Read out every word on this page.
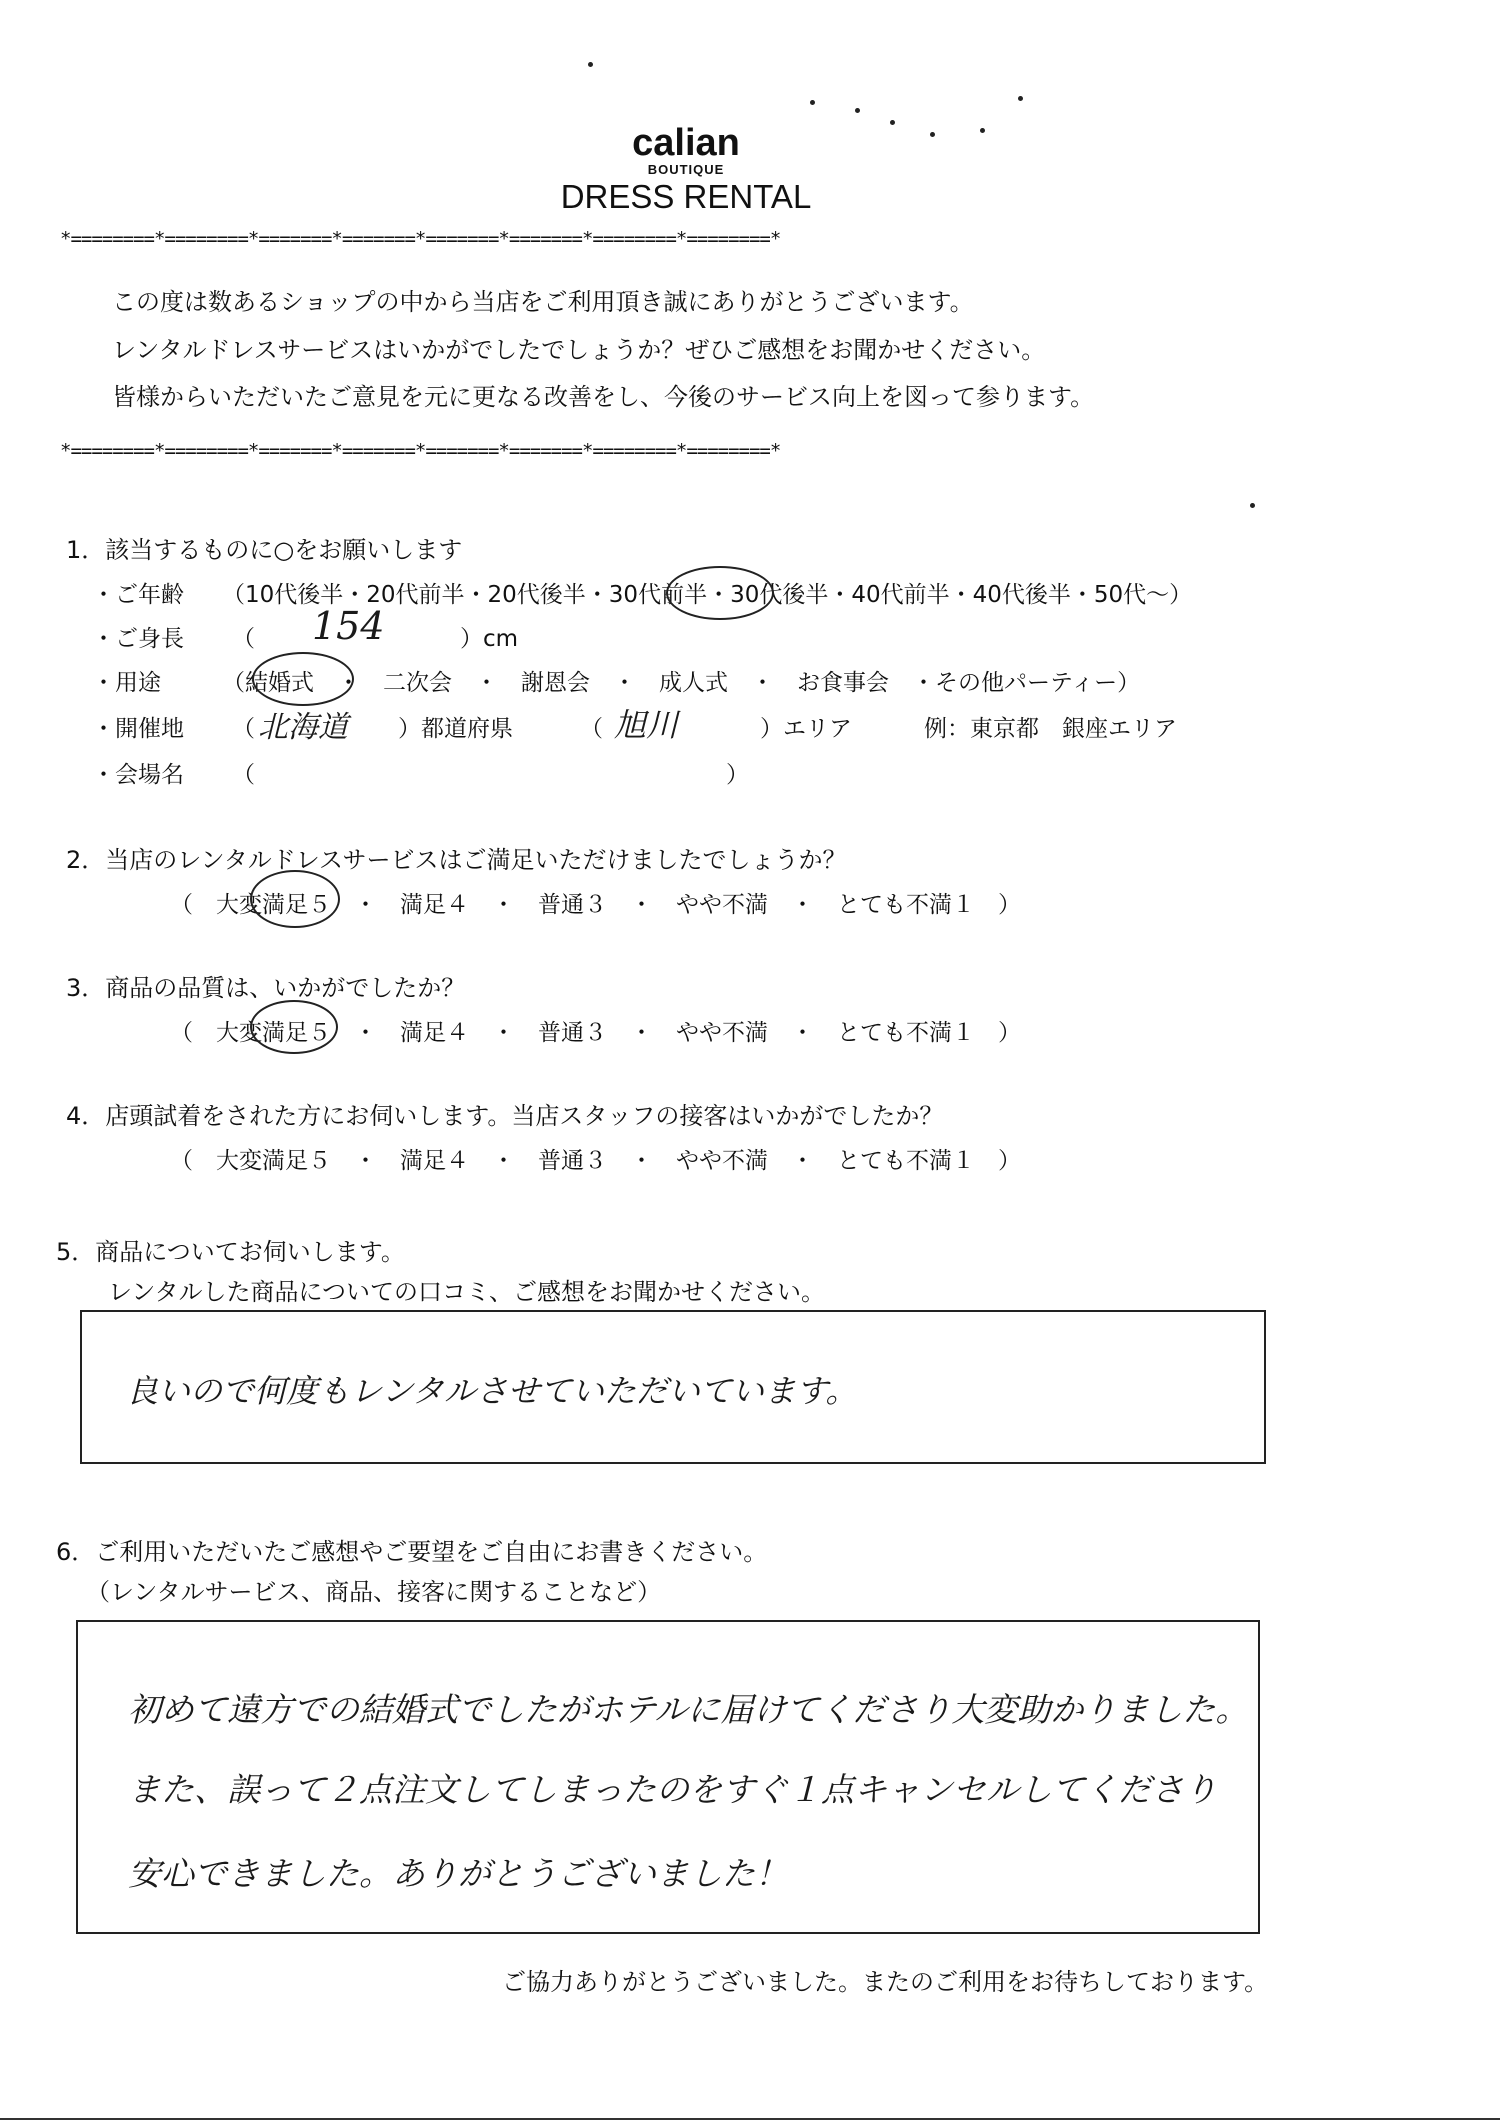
calian
BOUTIQUE
DRESS RENTAL
*========*========*=======*=======*=======*=======*========*========*
この度は数あるショップの中から当店をご利用頂き誠にありがとうございます。
レンタルドレスサービスはいかがでしたでしょうか？ぜひご感想をお聞かせください。
皆様からいただいたご意見を元に更なる改善をし、今後のサービス向上を図って参ります。
*========*========*=======*=======*=======*=======*========*========*
1．該当するものに○をお願いします
・ご年齢 （10代後半・20代前半・20代後半・30代前半・30代後半・40代前半・40代後半・50代～）
・ご身長 （ 154	）cm
・用途	（結婚式　・　二次会　・　謝恩会　・　成人式　・　お食事会　・その他パーティー）
・開催地 （ 北海道 ）都道府県	（ 旭川	）エリア	例：東京都　銀座エリア
・会場名 （	）
2．当店のレンタルドレスサービスはご満足いただけましたでしょうか？
（　大変満足５　・　満足４　・　普通３　・　やや不満　・　とても不満１　）
3．商品の品質は、いかがでしたか？
（　大変満足５　・　満足４　・　普通３　・　やや不満　・　とても不満１　）
4．店頭試着をされた方にお伺いします。当店スタッフの接客はいかがでしたか？
（　大変満足５　・　満足４　・　普通３　・　やや不満　・　とても不満１　）
5．商品についてお伺いします。
レンタルした商品についての口コミ、ご感想をお聞かせください。
良いので何度もレンタルさせていただいています。
6．ご利用いただいたご感想やご要望をご自由にお書きください。
（レンタルサービス、商品、接客に関することなど）
初めて遠方での結婚式でしたがホテルに届けてくださり大変助かりました。
また、誤って２点注文してしまったのをすぐ１点キャンセルしてくださり
安心できました。ありがとうございました！
ご協力ありがとうございました。またのご利用をお待ちしております。
